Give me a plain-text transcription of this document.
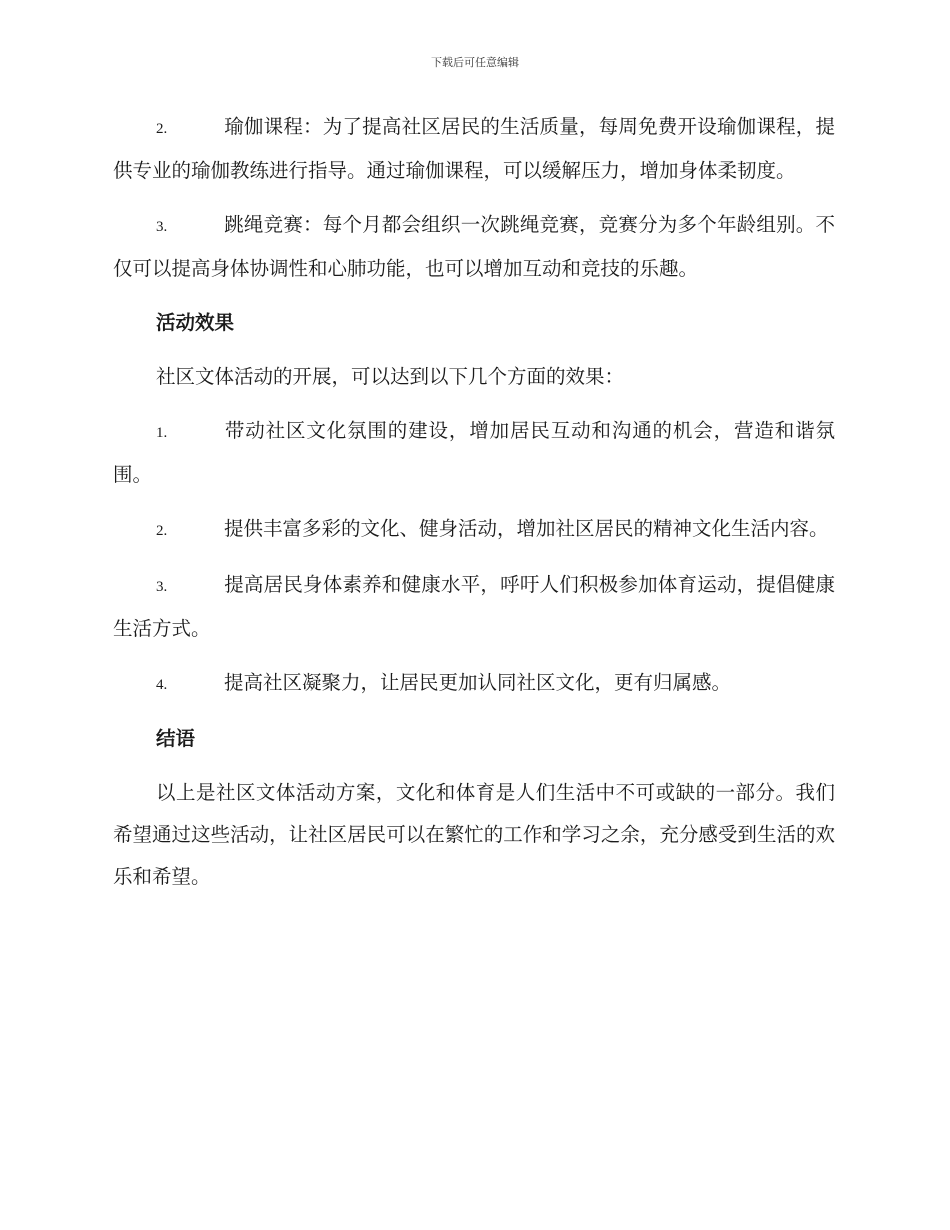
下载后可任意编辑

2.	瑜伽课程：为了提高社区居民的生活质量，每周免费开设瑜伽课程，提供专业的瑜伽教练进行指导。通过瑜伽课程，可以缓解压力，增加身体柔韧度。

3.	跳绳竞赛：每个月都会组织一次跳绳竞赛，竞赛分为多个年龄组别。不仅可以提高身体协调性和心肺功能，也可以增加互动和竞技的乐趣。

活动效果

社区文体活动的开展，可以达到以下几个方面的效果：

1.	带动社区文化氛围的建设，增加居民互动和沟通的机会，营造和谐氛围。

2.	提供丰富多彩的文化、健身活动，增加社区居民的精神文化生活内容。

3.	提高居民身体素养和健康水平，呼吁人们积极参加体育运动，提倡健康生活方式。

4.	提高社区凝聚力，让居民更加认同社区文化，更有归属感。

结语

以上是社区文体活动方案，文化和体育是人们生活中不可或缺的一部分。我们希望通过这些活动，让社区居民可以在繁忙的工作和学习之余，充分感受到生活的欢乐和希望。
